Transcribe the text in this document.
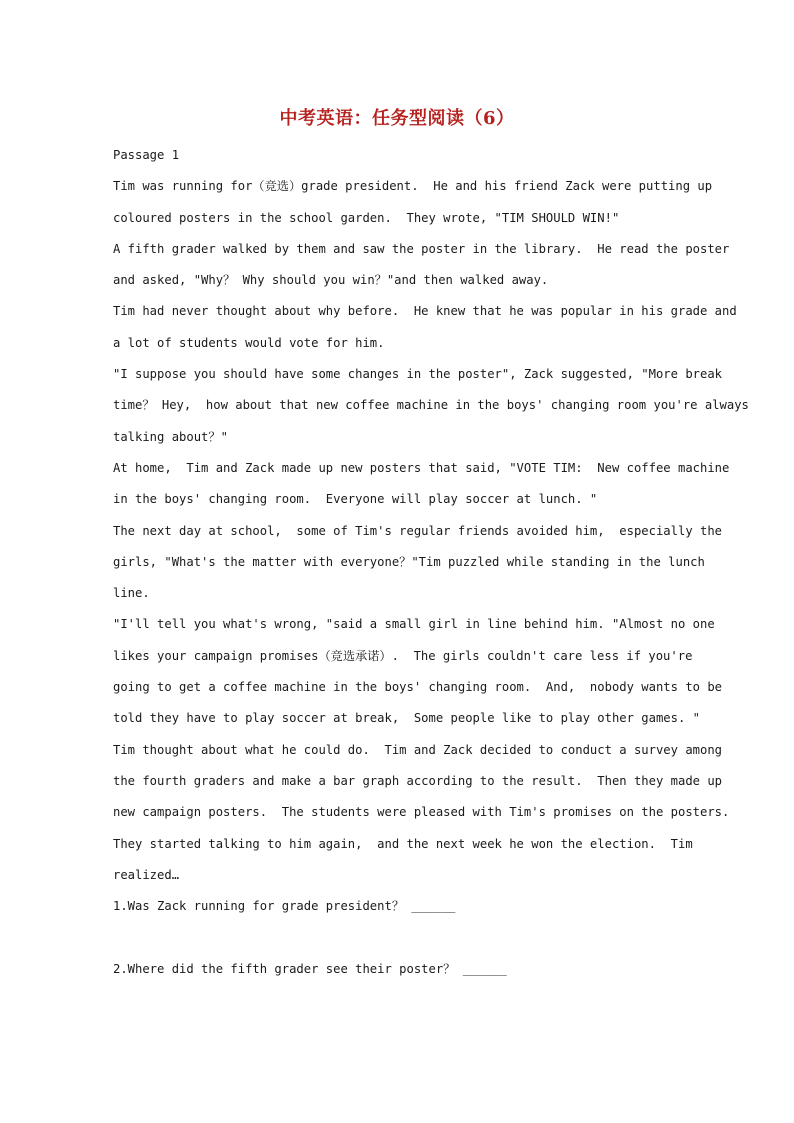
中考英语：任务型阅读（6）
Passage 1
Tim was running for（竞选）grade president.  He and his friend Zack were putting up
coloured posters in the school garden.  They wrote, "TIM SHOULD WIN!"
A fifth grader walked by them and saw the poster in the library.  He read the poster
and asked, "Why？ Why should you win？"and then walked away.
Tim had never thought about why before.  He knew that he was popular in his grade and
a lot of students would vote for him.
"I suppose you should have some changes in the poster", Zack suggested, "More break
time？ Hey,  how about that new coffee machine in the boys' changing room you're always
talking about？"
At home,  Tim and Zack made up new posters that said, "VOTE TIM:  New coffee machine
in the boys' changing room.  Everyone will play soccer at lunch. "
The next day at school,  some of Tim's regular friends avoided him,  especially the
girls, "What's the matter with everyone？"Tim puzzled while standing in the lunch
line.
"I'll tell you what's wrong, "said a small girl in line behind him. "Almost no one
likes your campaign promises（竞选承诺）.  The girls couldn't care less if you're
going to get a coffee machine in the boys' changing room.  And,  nobody wants to be
told they have to play soccer at break,  Some people like to play other games. "
Tim thought about what he could do.  Tim and Zack decided to conduct a survey among
the fourth graders and make a bar graph according to the result.  Then they made up
new campaign posters.  The students were pleased with Tim's promises on the posters.
They started talking to him again,  and the next week he won the election.  Tim
realized…
1.Was Zack running for grade president？ ______
2.Where did the fifth grader see their poster？ ______
